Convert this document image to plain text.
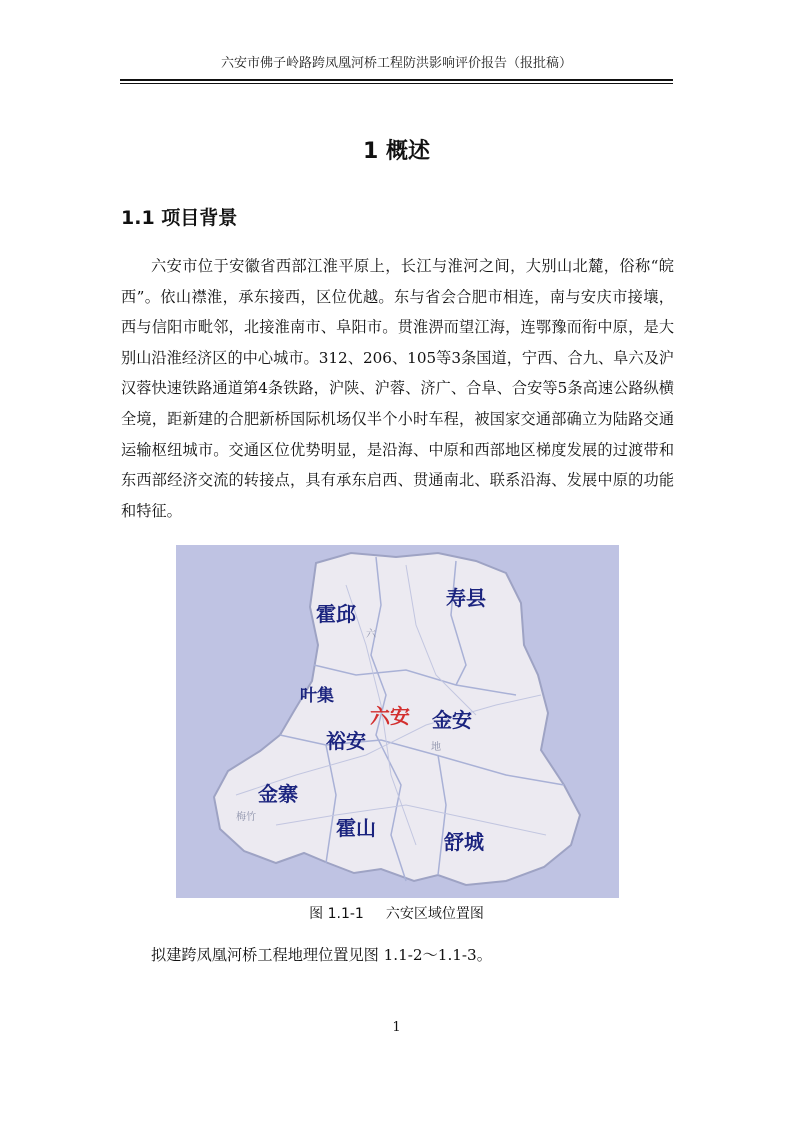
六安市佛子岭路跨凤凰河桥工程防洪影响评价报告（报批稿）
1 概述
1.1 项目背景

六安市位于安徽省西部江淮平原上，长江与淮河之间，大别山北麓，俗称“皖西”。依山襟淮，承东接西，区位优越。东与省会合肥市相连，南与安庆市接壤，西与信阳市毗邻，北接淮南市、阜阳市。贯淮淠而望江海，连鄂豫而衔中原，是大别山沿淮经济区的中心城市。312、206、105等3条国道，宁西、合九、阜六及沪汉蓉快速铁路通道第4条铁路，沪陕、沪蓉、济广、合阜、合安等5条高速公路纵横全境，距新建的合肥新桥国际机场仅半个小时车程，被国家交通部确立为陆路交通运输枢纽城市。交通区位优势明显，是沿海、中原和西部地区梯度发展的过渡带和东西部经济交流的转接点，具有承东启西、贯通南北、联系沿海、发展中原的功能和特征。

六
地
梅竹
霍邱
寿县
叶集
六安 金安
裕安
金寨
霍山
舒城
图 1.1-1 六安区域位置图
拟建跨凤凰河桥工程地理位置见图 1.1-2～1.1-3。
1
